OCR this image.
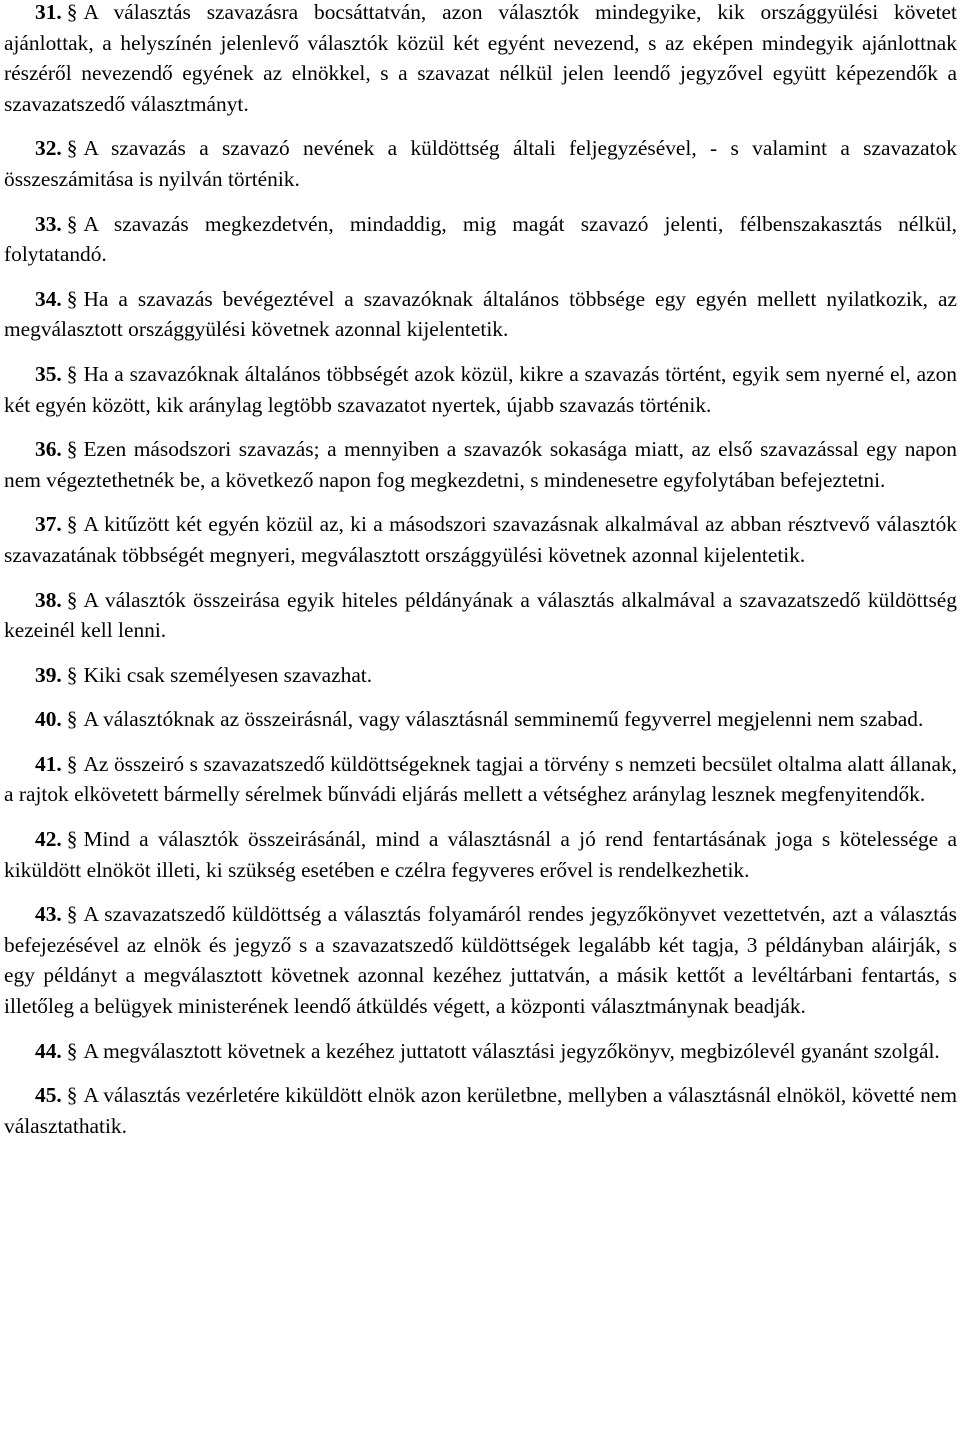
31. § A választás szavazásra bocsáttatván, azon választók mindegyike, kik országgyülési követet ajánlottak, a helyszínén jelenlevő választók közül két egyént nevezend, s az eképen mindegyik ajánlottnak részéről nevezendő egyének az elnökkel, s a szavazat nélkül jelen leendő jegyzővel együtt képezendők a szavazatszedő választmányt.

32. § A szavazás a szavazó nevének a küldöttség általi feljegyzésével, - s valamint a szavazatok összeszámitása is nyilván történik.

33. § A szavazás megkezdetvén, mindaddig, mig magát szavazó jelenti, félbenszakasztás nélkül, folytatandó.

34. § Ha a szavazás bevégeztével a szavazóknak általános többsége egy egyén mellett nyilatkozik, az megválasztott országgyülési követnek azonnal kijelentetik.

35. § Ha a szavazóknak általános többségét azok közül, kikre a szavazás történt, egyik sem nyerné el, azon két egyén között, kik aránylag legtöbb szavazatot nyertek, újabb szavazás történik.

36. § Ezen másodszori szavazás; a mennyiben a szavazók sokasága miatt, az első szavazással egy napon nem végeztethetnék be, a következő napon fog megkezdetni, s mindenesetre egyfolytában befejeztetni.

37. § A kitűzött két egyén közül az, ki a másodszori szavazásnak alkalmával az abban résztvevő választók szavazatának többségét megnyeri, megválasztott országgyülési követnek azonnal kijelentetik.

38. § A választók összeirása egyik hiteles példányának a választás alkalmával a szavazatszedő küldöttség kezeinél kell lenni.

39. § Kiki csak személyesen szavazhat.

40. § A választóknak az összeirásnál, vagy választásnál semminemű fegyverrel megjelenni nem szabad.

41. § Az összeiró s szavazatszedő küldöttségeknek tagjai a törvény s nemzeti becsület oltalma alatt állanak, a rajtok elkövetett bármelly sérelmek bűnvádi eljárás mellett a vétséghez aránylag lesznek megfenyitendők.

42. § Mind a választók összeirásánál, mind a választásnál a jó rend fentartásának joga s kötelessége a kiküldött elnököt illeti, ki szükség esetében e czélra fegyveres erővel is rendelkezhetik.

43. § A szavazatszedő küldöttség a választás folyamáról rendes jegyzőkönyvet vezettetvén, azt a választás befejezésével az elnök és jegyző s a szavazatszedő küldöttségek legalább két tagja, 3 példányban aláirják, s egy példányt a megválasztott követnek azonnal kezéhez juttatván, a másik kettőt a levéltárbani fentartás, s illetőleg a belügyek ministerének leendő átküldés végett, a központi választmánynak beadják.

44. § A megválasztott követnek a kezéhez juttatott választási jegyzőkönyv, megbizólevél gyanánt szolgál.

45. § A választás vezérletére kiküldött elnök azon kerületbne, mellyben a választásnál elnököl, követté nem választathatik.
